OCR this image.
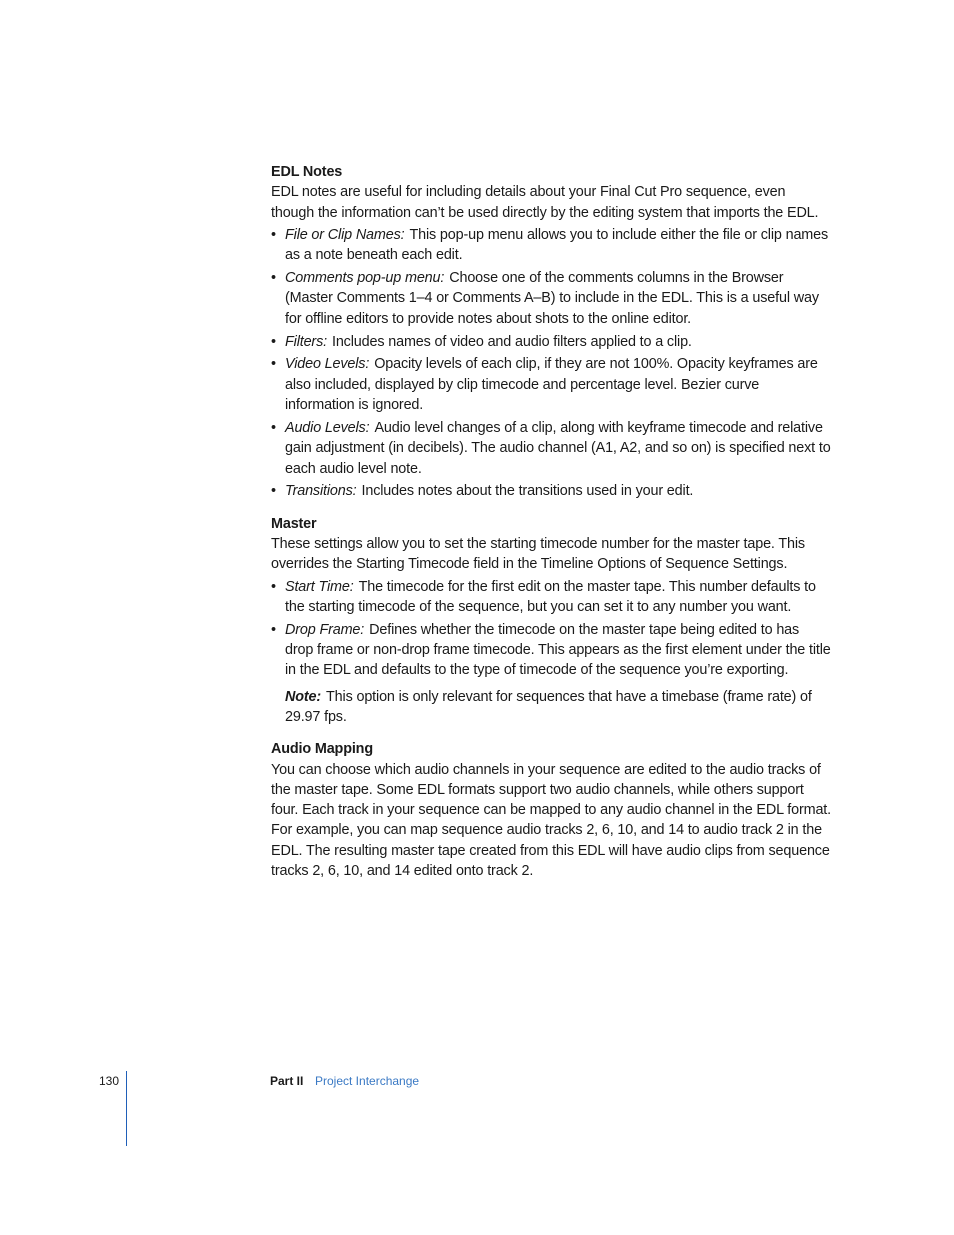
EDL Notes

EDL notes are useful for including details about your Final Cut Pro sequence, even though the information can’t be used directly by the editing system that imports the EDL.

• File or Clip Names: This pop-up menu allows you to include either the file or clip names as a note beneath each edit.
• Comments pop-up menu: Choose one of the comments columns in the Browser (Master Comments 1–4 or Comments A–B) to include in the EDL. This is a useful way for offline editors to provide notes about shots to the online editor.
• Filters: Includes names of video and audio filters applied to a clip.
• Video Levels: Opacity levels of each clip, if they are not 100%. Opacity keyframes are also included, displayed by clip timecode and percentage level. Bezier curve information is ignored.
• Audio Levels: Audio level changes of a clip, along with keyframe timecode and relative gain adjustment (in decibels). The audio channel (A1, A2, and so on) is specified next to each audio level note.
• Transitions: Includes notes about the transitions used in your edit.
Master

These settings allow you to set the starting timecode number for the master tape. This overrides the Starting Timecode field in the Timeline Options of Sequence Settings.

• Start Time: The timecode for the first edit on the master tape. This number defaults to the starting timecode of the sequence, but you can set it to any number you want.
• Drop Frame: Defines whether the timecode on the master tape being edited to has drop frame or non-drop frame timecode. This appears as the first element under the title in the EDL and defaults to the type of timecode of the sequence you’re exporting.

Note: This option is only relevant for sequences that have a timebase (frame rate) of 29.97 fps.

Audio Mapping

You can choose which audio channels in your sequence are edited to the audio tracks of the master tape. Some EDL formats support two audio channels, while others support four. Each track in your sequence can be mapped to any audio channel in the EDL format. For example, you can map sequence audio tracks 2, 6, 10, and 14 to audio track 2 in the EDL. The resulting master tape created from this EDL will have audio clips from sequence tracks 2, 6, 10, and 14 edited onto track 2.

130	Part II Project Interchange
